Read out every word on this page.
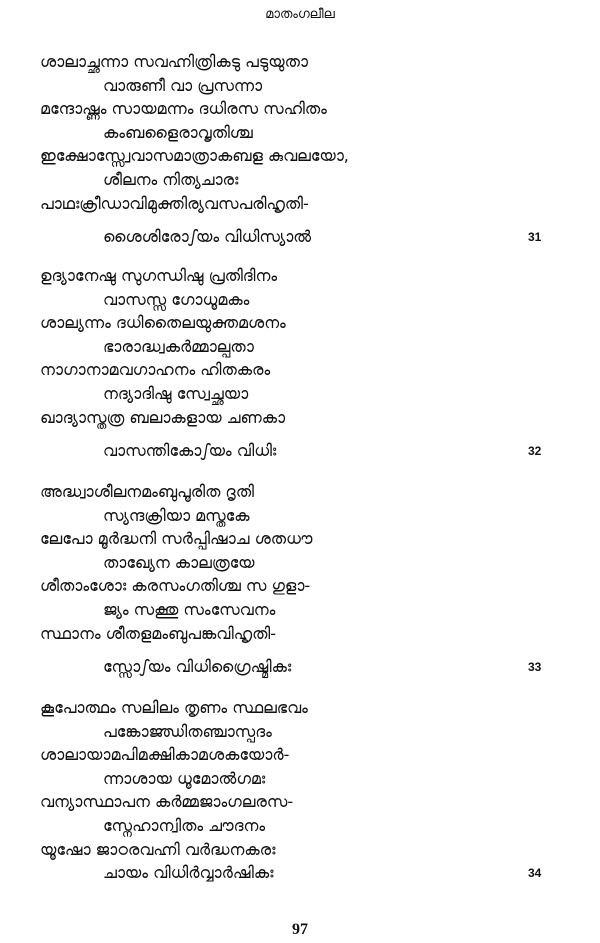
മാതംഗലീല
ശാലാച്ഛന്നാ സവഹ്നിത്രികടു പടുയുതാ
വാരുണീ വാ പ്രസന്നാ
മന്ദോഷ്ണം സായമന്നം ദധിരസ സഹിതം
കംബളൈരാവൃതിശ്ച
ഇക്ഷോസ്സ്വേവാസമാത്രാകബള കുവലയോ,
ശീലനം നിത്യചാരഃ
പാഥഃക്രീഡാവിമുക്തിര്യവസപരിഹൃതി-
ശൈശിരോഽയം വിധിസ്യാൽ	31
ഉദ്യാനേഷു സുഗന്ധിഷു പ്രതിദിനം
വാസസ്സ ഗോധൂമകം
ശാല്യന്നം ദധിതൈലയുക്തമശനം
ഭാരാദ്ധ്വകർമ്മാല്പതാ
നാഗാനാമവഗാഹനം ഹിതകരം
നദ്യാദിഷു സ്വേച്ഛയാ
ഖാദ്യാസ്തത്ര ബലാകളായ ചണകാ
വാസന്തികോഽയം വിധിഃ	32
അദ്ധ്വാശീലനമംബുപൂരിത ദൃതി
സ്യന്ദക്രിയാ മസ്തകേ
ലേപോ മൂർദ്ധനി സർപ്പിഷാച ശതധൗ
താഖ്യേന കാലത്രയേ
ശീതാംശോഃ കരസംഗതിശ്ച സ ഗുളാ-
ജ്യം സക്തു സംസേവനം
സ്ഥാനം ശീതളമംബുപങ്കവിഹൃതി-
സ്സോഽയം വിധിഗ്രൈഷ്മികഃ	33
കൂപോത്ഥം സലിലം തൃണം സ്ഥലഭവം
പങ്കോജ്ഝിതഞ്ചാസ്പദം
ശാലായാമപിമക്ഷികാമശകയോർ-
ന്നാശായ ധൂമോൽഗമഃ
വന്യാസ്ഥാപന കർമ്മജാംഗലരസ-
സ്നേഹാന്വിതം ചൗദനം
യൂഷോ ജാഠരവഹ്നി വർദ്ധനകരഃ
ചായം വിധിർവ്വാർഷികഃ	34
97
